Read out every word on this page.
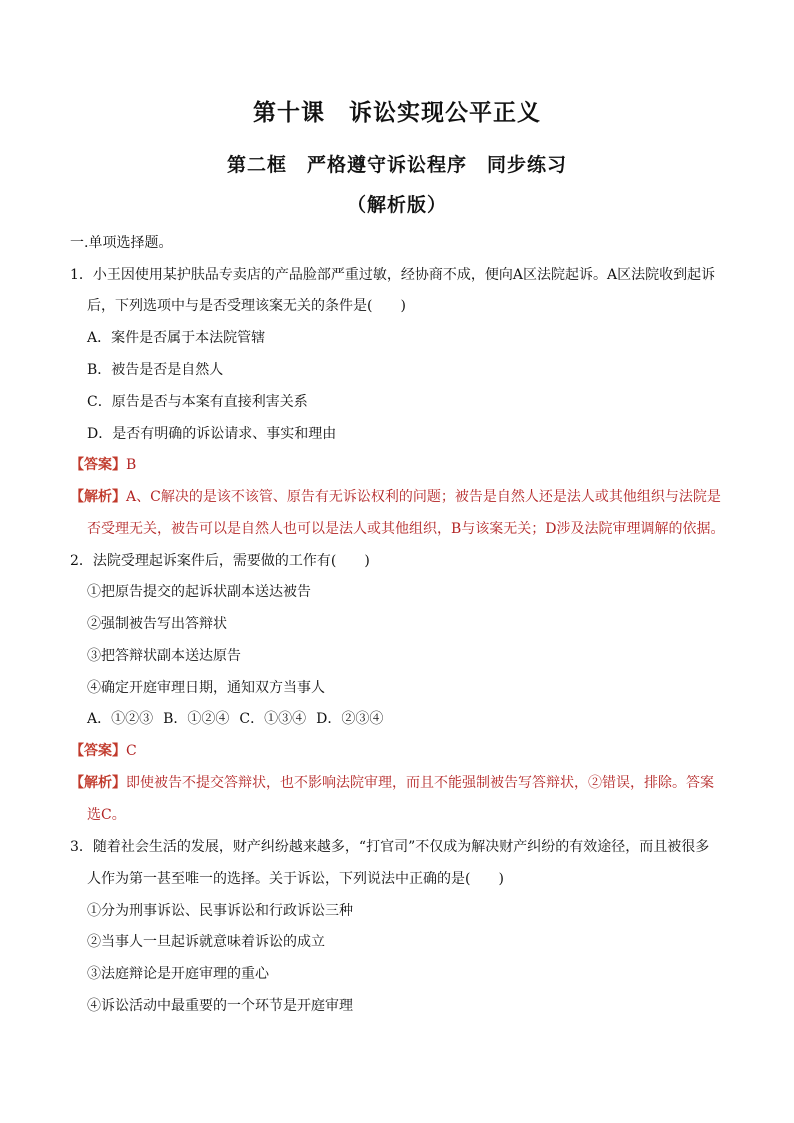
第十课　诉讼实现公平正义
第二框　严格遵守诉讼程序　同步练习
（解析版）
一.单项选择题。
1．小王因使用某护肤品专卖店的产品脸部严重过敏，经协商不成，便向A区法院起诉。A区法院收到起诉
后，下列选项中与是否受理该案无关的条件是(　　)
A．案件是否属于本法院管辖
B．被告是否是自然人
C．原告是否与本案有直接利害关系
D．是否有明确的诉讼请求、事实和理由
【答案】B
【解析】A、C解决的是该不该管、原告有无诉讼权利的问题；被告是自然人还是法人或其他组织与法院是
否受理无关，被告可以是自然人也可以是法人或其他组织，B与该案无关；D涉及法院审理调解的依据。
2．法院受理起诉案件后，需要做的工作有(　　)
①把原告提交的起诉状副本送达被告
②强制被告写出答辩状
③把答辩状副本送达原告
④确定开庭审理日期，通知双方当事人
A．①②③ B．①②④ C．①③④ D．②③④
【答案】C
【解析】即使被告不提交答辩状，也不影响法院审理，而且不能强制被告写答辩状，②错误，排除。答案
选C。
3．随着社会生活的发展，财产纠纷越来越多，“打官司”不仅成为解决财产纠纷的有效途径，而且被很多
人作为第一甚至唯一的选择。关于诉讼，下列说法中正确的是(　　)
①分为刑事诉讼、民事诉讼和行政诉讼三种
②当事人一旦起诉就意味着诉讼的成立
③法庭辩论是开庭审理的重心
④诉讼活动中最重要的一个环节是开庭审理
